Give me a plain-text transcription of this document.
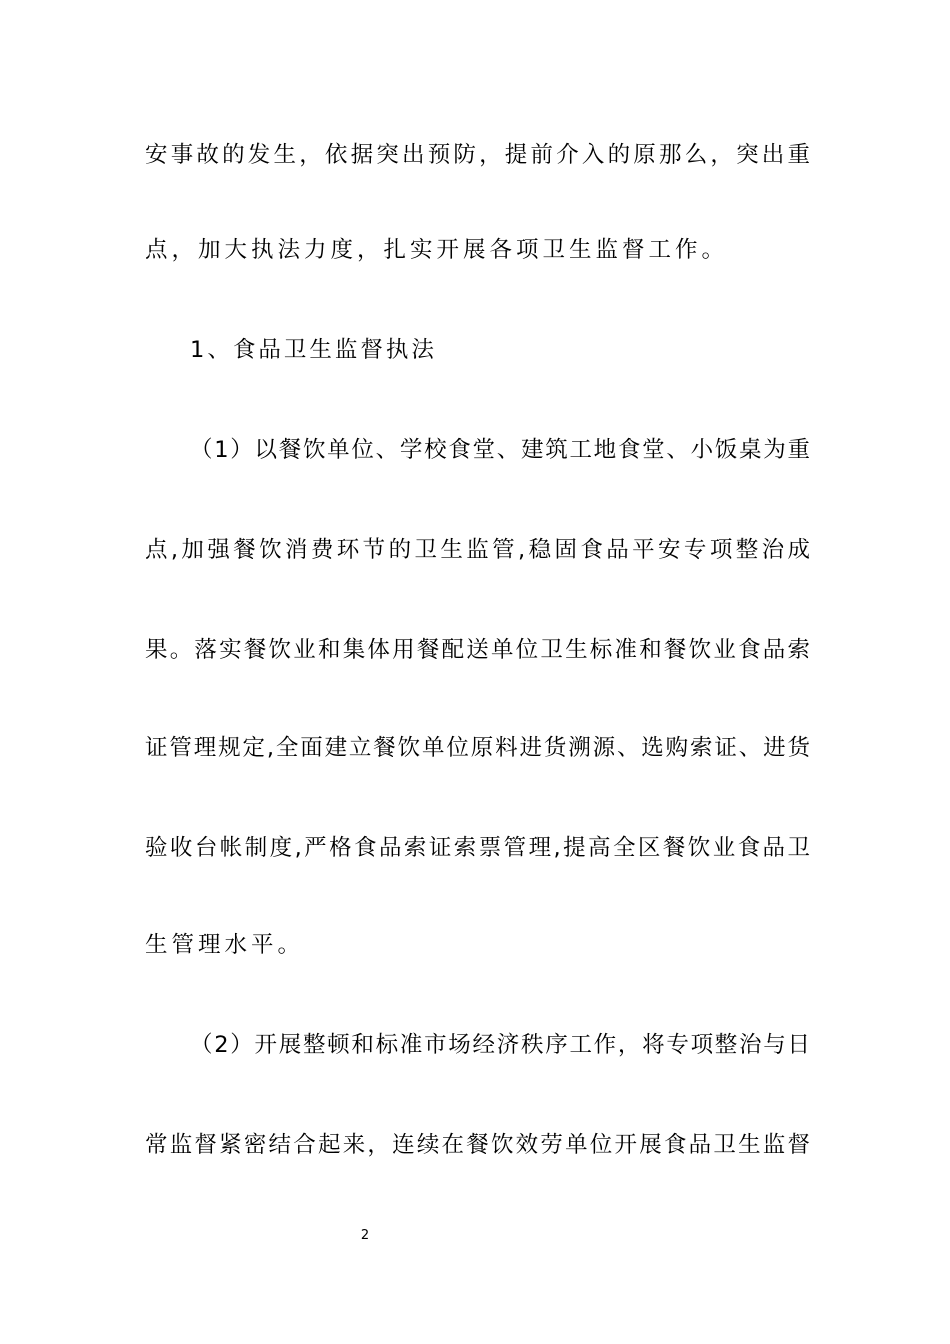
安事故的发生，依据突出预防，提前介入的原那么，突出重
点，加大执法力度，扎实开展各项卫生监督工作。
1、食品卫生监督执法
（1）以餐饮单位、学校食堂、建筑工地食堂、小饭桌为重
点,加强餐饮消费环节的卫生监管,稳固食品平安专项整治成
果。落实餐饮业和集体用餐配送单位卫生标准和餐饮业食品索
证管理规定,全面建立餐饮单位原料进货溯源、选购索证、进货
验收台帐制度,严格食品索证索票管理,提高全区餐饮业食品卫
生管理水平。
（2）开展整顿和标准市场经济秩序工作，将专项整治与日
常监督紧密结合起来，连续在餐饮效劳单位开展食品卫生监督
2
